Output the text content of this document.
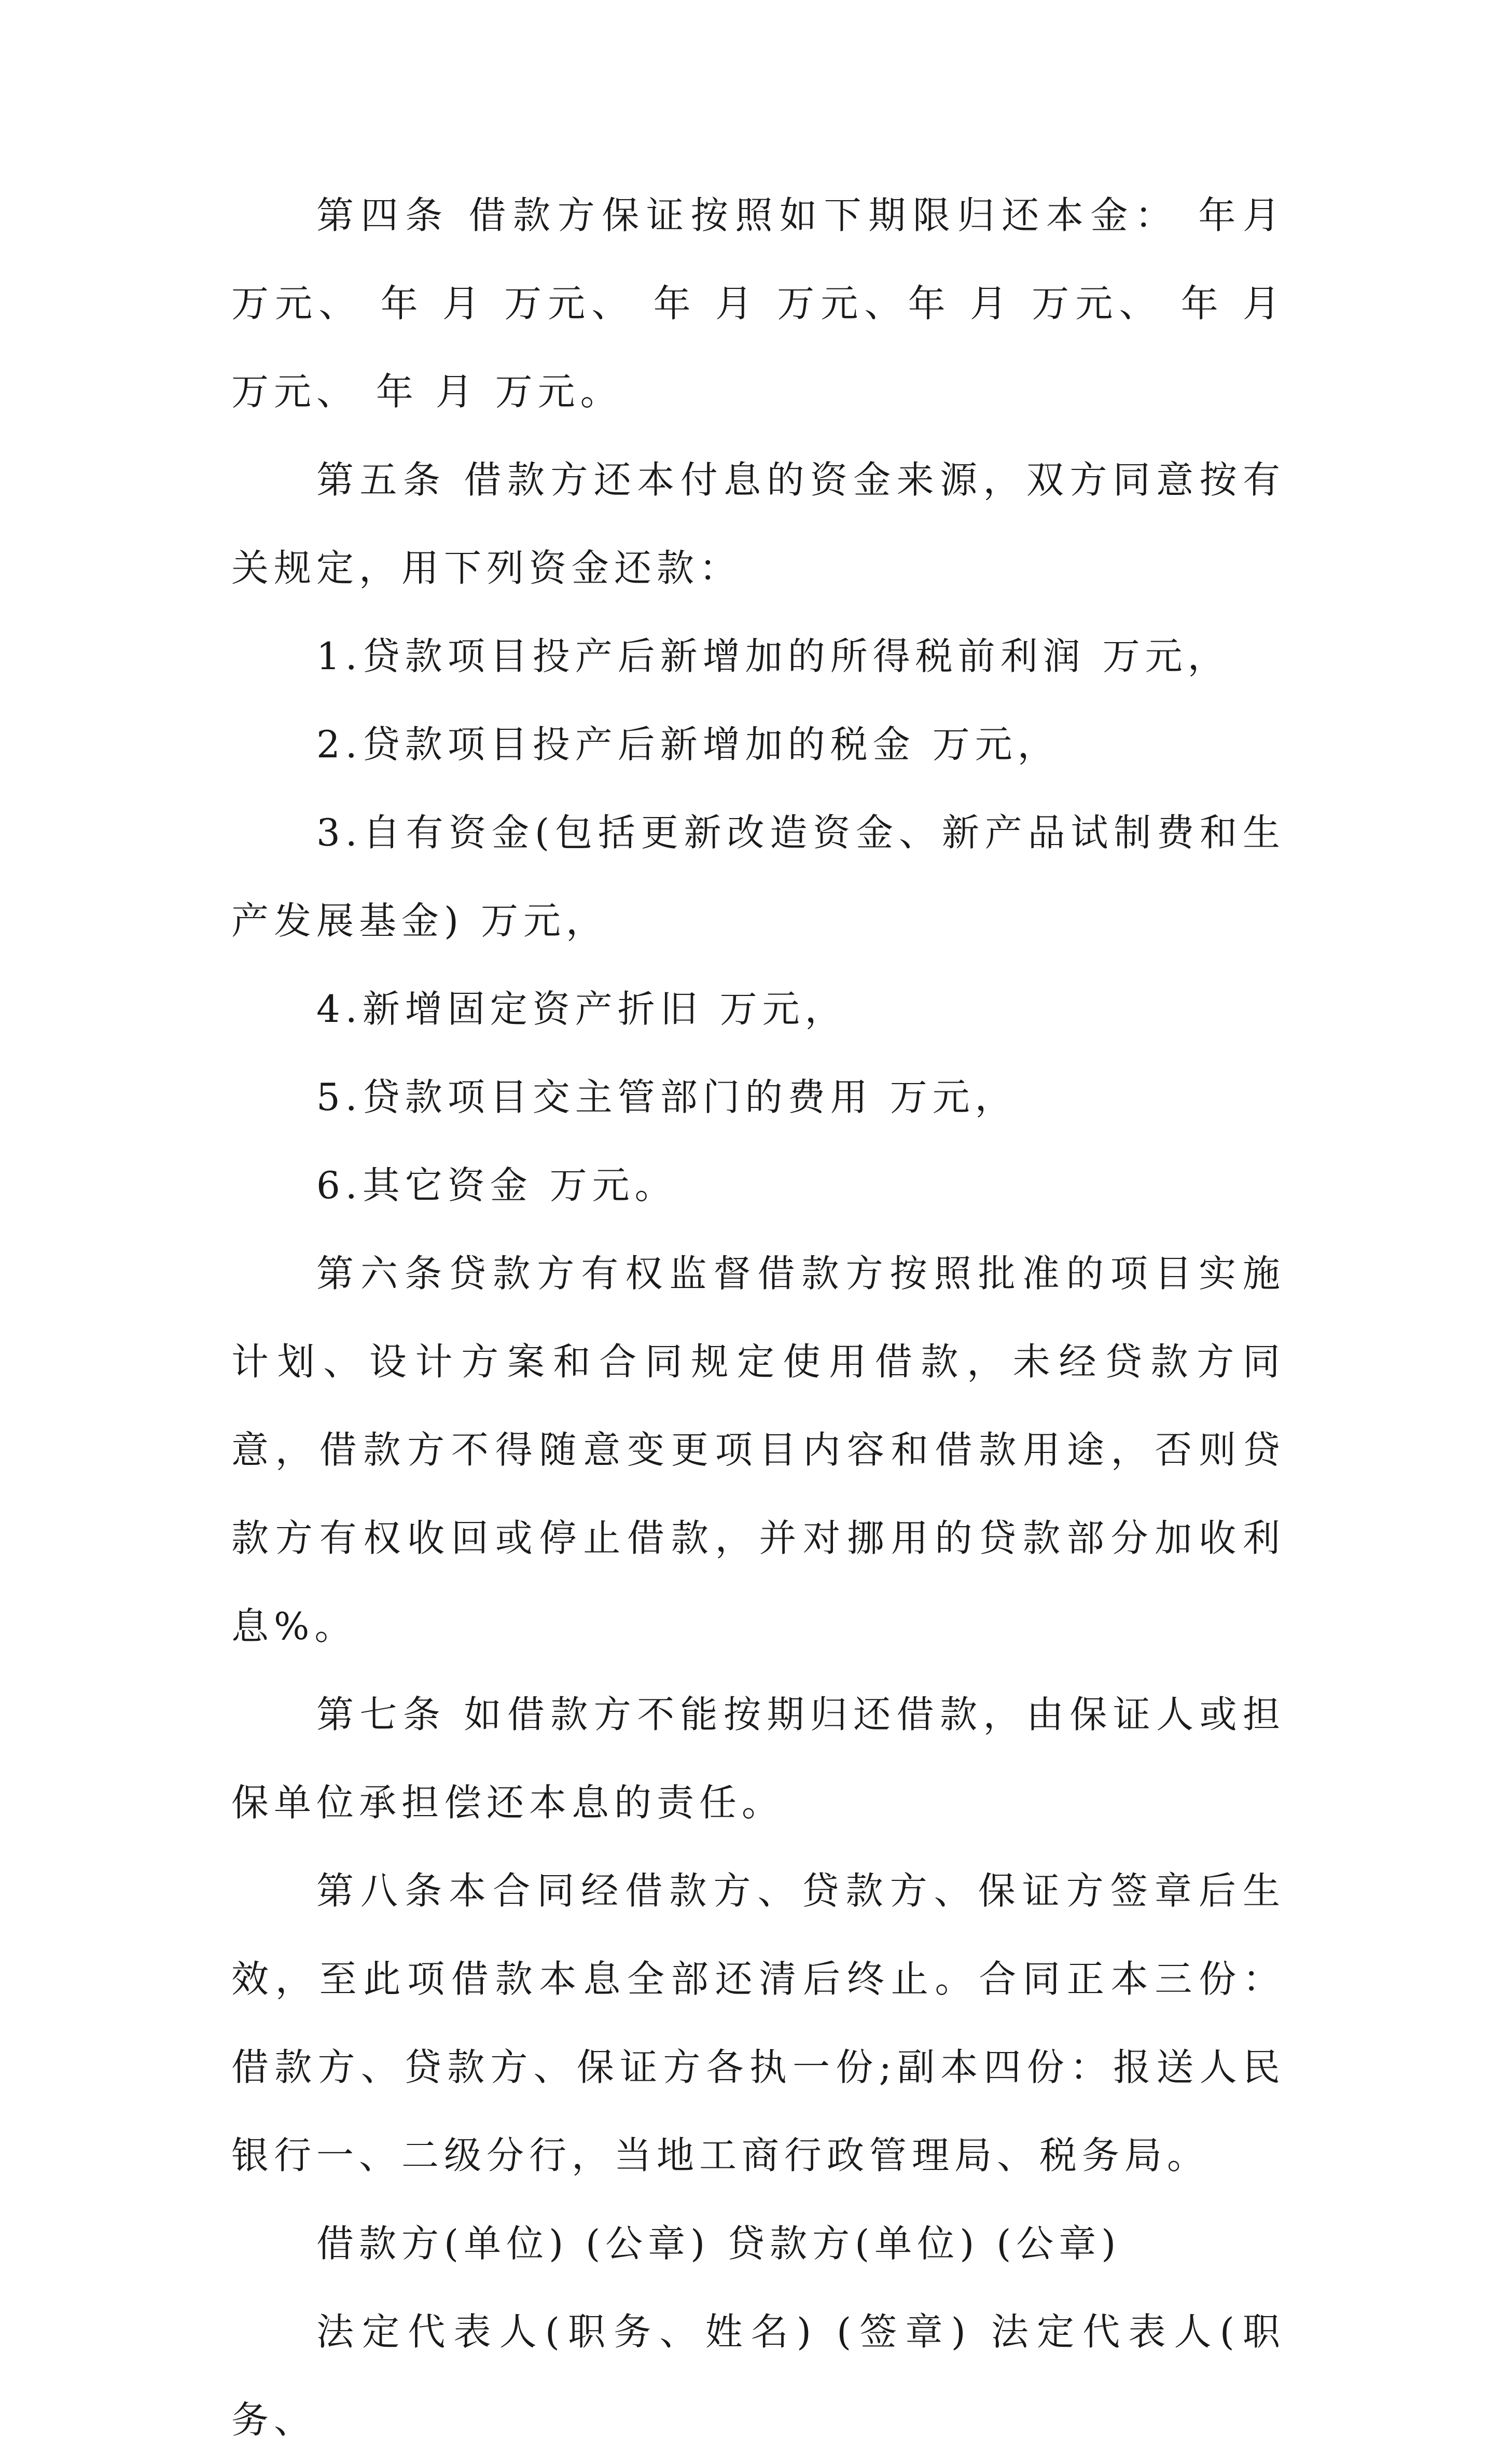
第四条 借款方保证按照如下期限归还本金： 年月 万元、 年 月 万元、 年 月 万元、年 月 万元、 年 月 万元、 年 月 万元。

第五条 借款方还本付息的资金来源，双方同意按有关规定，用下列资金还款：

1.贷款项目投产后新增加的所得税前利润 万元，

2.贷款项目投产后新增加的税金 万元，

3.自有资金(包括更新改造资金、新产品试制费和生产发展基金) 万元，

4.新增固定资产折旧 万元，

5.贷款项目交主管部门的费用 万元，

6.其它资金 万元。

第六条贷款方有权监督借款方按照批准的项目实施计划、设计方案和合同规定使用借款，未经贷款方同意，借款方不得随意变更项目内容和借款用途，否则贷款方有权收回或停止借款，并对挪用的贷款部分加收利息%。

第七条 如借款方不能按期归还借款，由保证人或担保单位承担偿还本息的责任。

第八条本合同经借款方、贷款方、保证方签章后生效，至此项借款本息全部还清后终止。合同正本三份：借款方、贷款方、保证方各执一份;副本四份：报送人民银行一、二级分行，当地工商行政管理局、税务局。

借款方(单位) (公章) 贷款方(单位) (公章)

法定代表人(职务、姓名) (签章) 法定代表人(职务、
